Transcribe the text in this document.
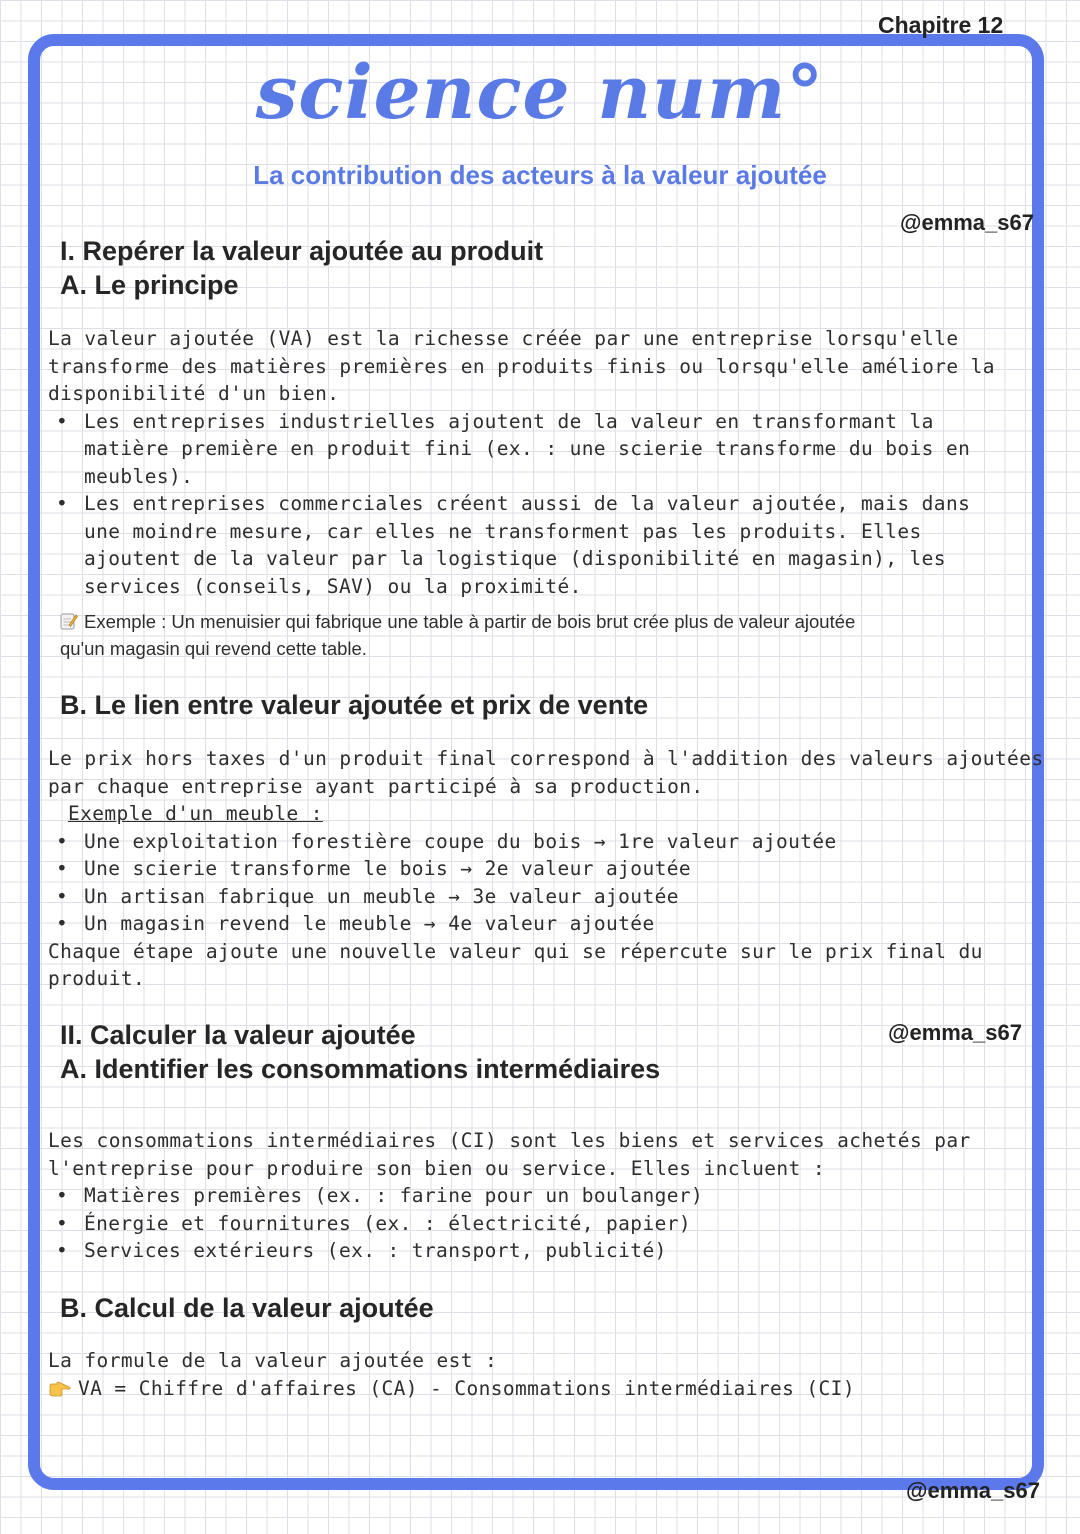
Chapitre 12
science num°
La contribution des acteurs à la valeur ajoutée
@emma_s67
I. Repérer la valeur ajoutée au produit
A. Le principe
La valeur ajoutée (VA) est la richesse créée par une entreprise lorsqu'elle
transforme des matières premières en produits finis ou lorsqu'elle améliore la
disponibilité d'un bien.
• Les entreprises industrielles ajoutent de la valeur en transformant la
matière première en produit fini (ex. : une scierie transforme du bois en
meubles).
• Les entreprises commerciales créent aussi de la valeur ajoutée, mais dans
une moindre mesure, car elles ne transforment pas les produits. Elles
ajoutent de la valeur par la logistique (disponibilité en magasin), les
services (conseils, SAV) ou la proximité.
Exemple : Un menuisier qui fabrique une table à partir de bois brut crée plus de valeur ajoutée
qu'un magasin qui revend cette table.
B. Le lien entre valeur ajoutée et prix de vente
Le prix hors taxes d'un produit final correspond à l'addition des valeurs ajoutées
par chaque entreprise ayant participé à sa production.
Exemple d'un meuble :
• Une exploitation forestière coupe du bois → 1re valeur ajoutée
• Une scierie transforme le bois → 2e valeur ajoutée
• Un artisan fabrique un meuble → 3e valeur ajoutée
• Un magasin revend le meuble → 4e valeur ajoutée
Chaque étape ajoute une nouvelle valeur qui se répercute sur le prix final du
produit.
II. Calculer la valeur ajoutée	@emma_s67
A. Identifier les consommations intermédiaires
Les consommations intermédiaires (CI) sont les biens et services achetés par
l'entreprise pour produire son bien ou service. Elles incluent :
• Matières premières (ex. : farine pour un boulanger)
• Énergie et fournitures (ex. : électricité, papier)
• Services extérieurs (ex. : transport, publicité)
B. Calcul de la valeur ajoutée
La formule de la valeur ajoutée est :
VA = Chiffre d'affaires (CA) - Consommations intermédiaires (CI)
@emma_s67
